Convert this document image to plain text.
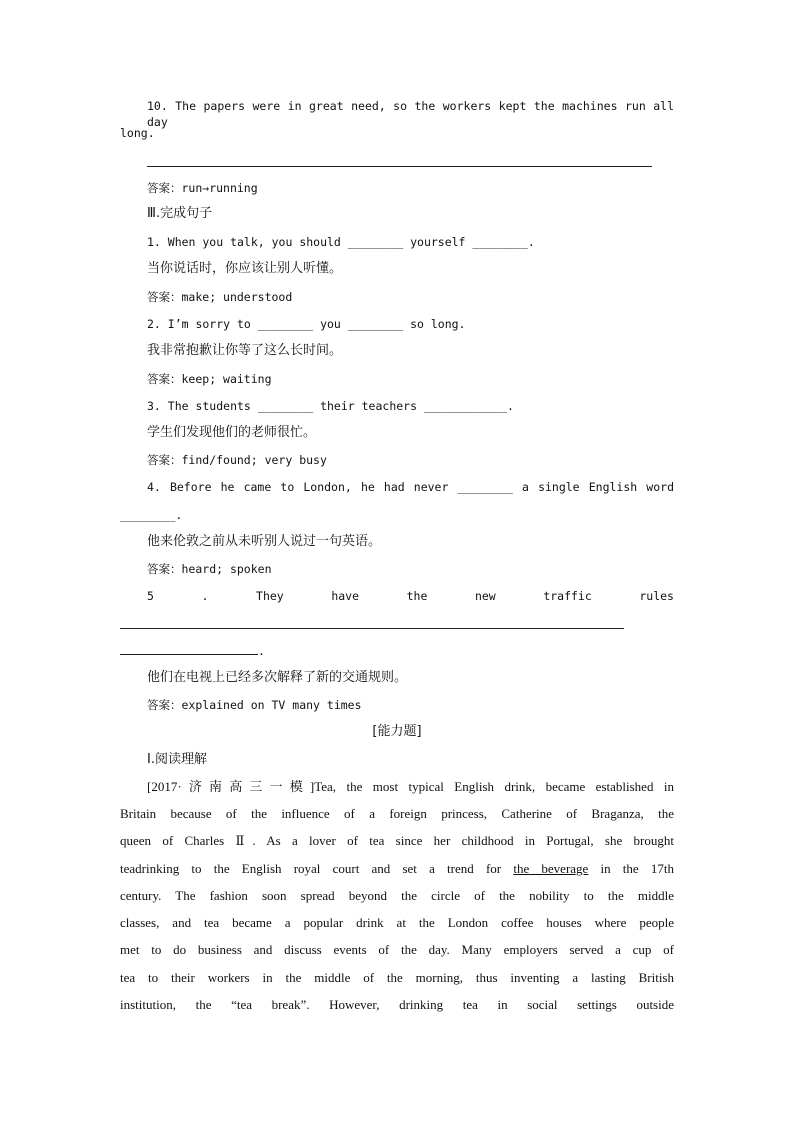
10. The papers were in great need, so the workers kept the machines run all day
long.
答案：run→running
Ⅲ.完成句子
1. When you talk, you should ________ yourself ________.
当你说话时，你应该让别人听懂。
答案：make; understood
2. I’m sorry to ________ you ________ so long.
我非常抱歉让你等了这么长时间。
答案：keep; waiting
3. The students ________ their teachers ____________.
学生们发现他们的老师很忙。
答案：find/found; very busy
4. Before he came to London, he had never ________ a single English word
________.
他来伦敦之前从未听别人说过一句英语。
答案：heard; spoken
5	.	They	have	the	new	traffic	rules
.
他们在电视上已经多次解释了新的交通规则。
答案：explained on TV many times
[能力题]
Ⅰ.阅读理解
[2017·济南高三一模]Tea, the most typical English drink, became established in
Britain because of the influence of a foreign princess, Catherine of Braganza, the
queen of Charles Ⅱ. As a lover of tea since her childhood in Portugal, she brought
teadrinking to the English royal court and set a trend for the beverage in the 17th
century. The fashion soon spread beyond the circle of the nobility to the middle
classes, and tea became a popular drink at the London coffee houses where people
met to do business and discuss events of the day. Many employers served a cup of
tea to their workers in the middle of the morning, thus inventing a lasting British
institution, the “tea break”. However, drinking tea in social settings outside
